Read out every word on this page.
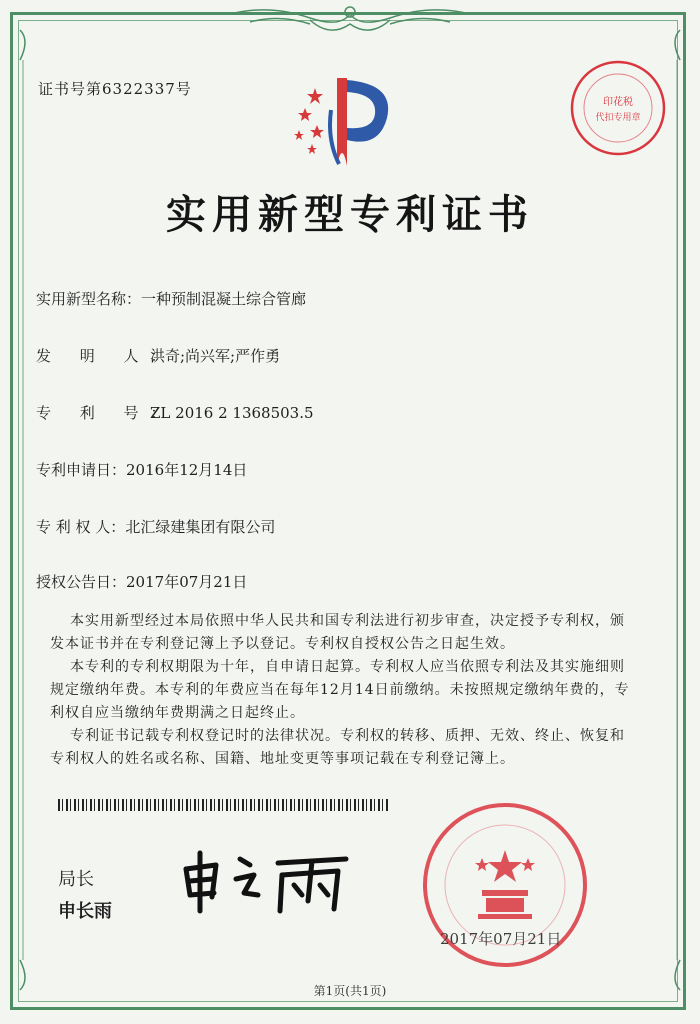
证书号第6322337号
印花税
代扣专用章
实用新型专利证书
实用新型名称：一种预制混凝土综合管廊
发 明 人：洪奇;尚兴军;严作勇
专 利 号：ZL 2016 2 1368503.5
专利申请日：2016年12月14日
专 利 权 人：北汇绿建集团有限公司
授权公告日：2017年07月21日
本实用新型经过本局依照中华人民共和国专利法进行初步审查，决定授予专利权，颁
发本证书并在专利登记簿上予以登记。专利权自授权公告之日起生效。
本专利的专利权期限为十年，自申请日起算。专利权人应当依照专利法及其实施细则
规定缴纳年费。本专利的年费应当在每年12月14日前缴纳。未按照规定缴纳年费的，专
利权自应当缴纳年费期满之日起终止。
专利证书记载专利权登记时的法律状况。专利权的转移、质押、无效、终止、恢复和
专利权人的姓名或名称、国籍、地址变更等事项记载在专利登记簿上。
局长
申长雨
2017年07月21日
第1页(共1页)
